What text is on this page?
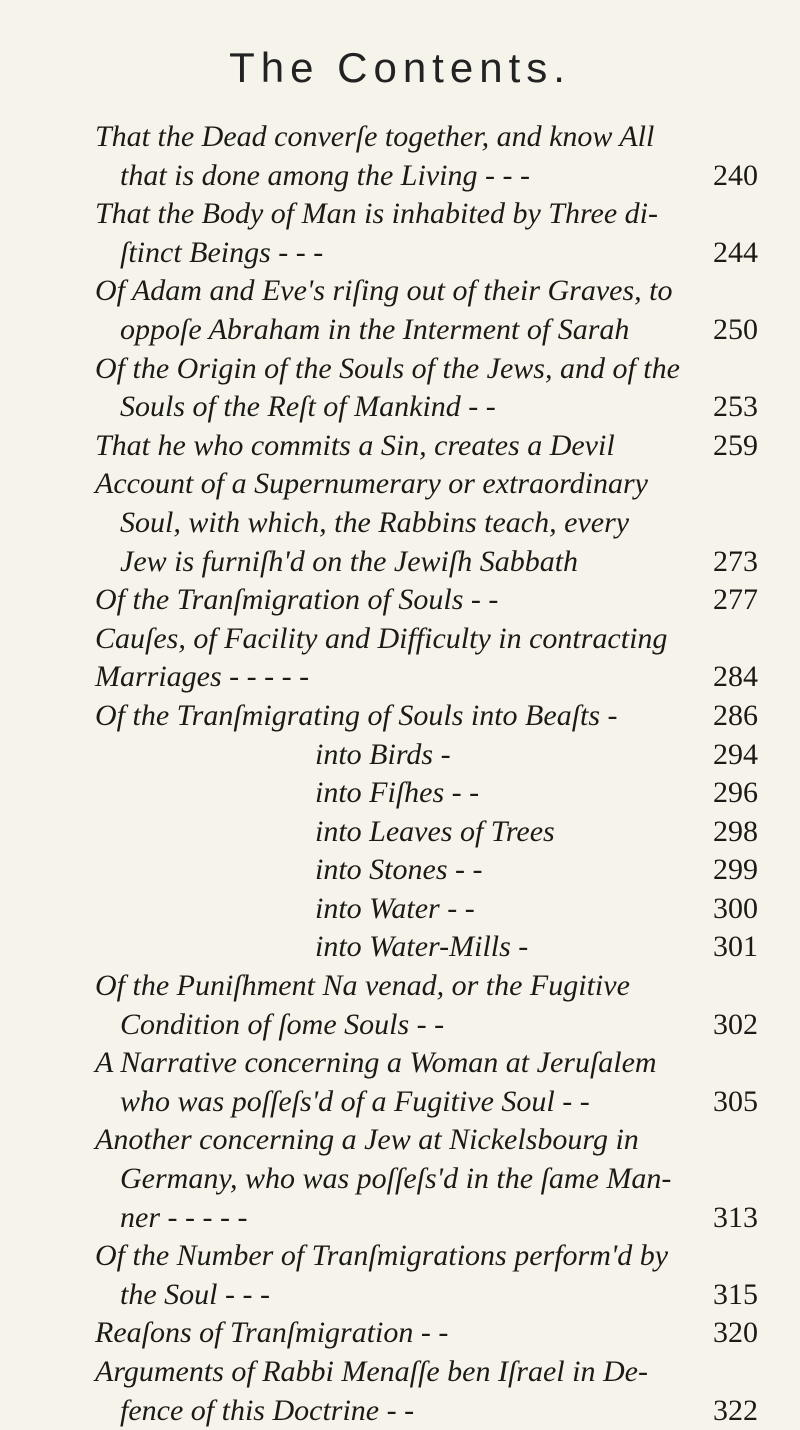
The Contents.
That the Dead converſe together, and know All
that is done among the Living - - -	240
That the Body of Man is inhabited by Three di-
ſtinct Beings - - -	244
Of Adam and Eve's riſing out of their Graves, to
oppoſe Abraham in the Interment of Sarah	250
Of the Origin of the Souls of the Jews, and of the
Souls of the Reſt of Mankind - -	253
That he who commits a Sin, creates a Devil	259
Account of a Supernumerary or extraordinary
Soul, with which, the Rabbins teach, every
Jew is furniſh'd on the Jewiſh Sabbath	273
Of the Tranſmigration of Souls - -	277
Cauſes, of Facility and Difficulty in contracting
Marriages - - - - -	284
Of the Tranſmigrating of Souls into Beaſts -	286
into Birds -	294
into Fiſhes - -	296
into Leaves of Trees	298
into Stones - -	299
into Water - -	300
into Water-Mills -	301
Of the Puniſhment Na venad, or the Fugitive
Condition of ſome Souls - -	302
A Narrative concerning a Woman at Jeruſalem
who was poſſeſs'd of a Fugitive Soul - -	305
Another concerning a Jew at Nickelsbourg in
Germany, who was poſſeſs'd in the ſame Man-
ner - - - - -	313
Of the Number of Tranſmigrations perform'd by
the Soul - - -	315
Reaſons of Tranſmigration - -	320
Arguments of Rabbi Menaſſe ben Iſrael in De-
fence of this Doctrine - -	322
